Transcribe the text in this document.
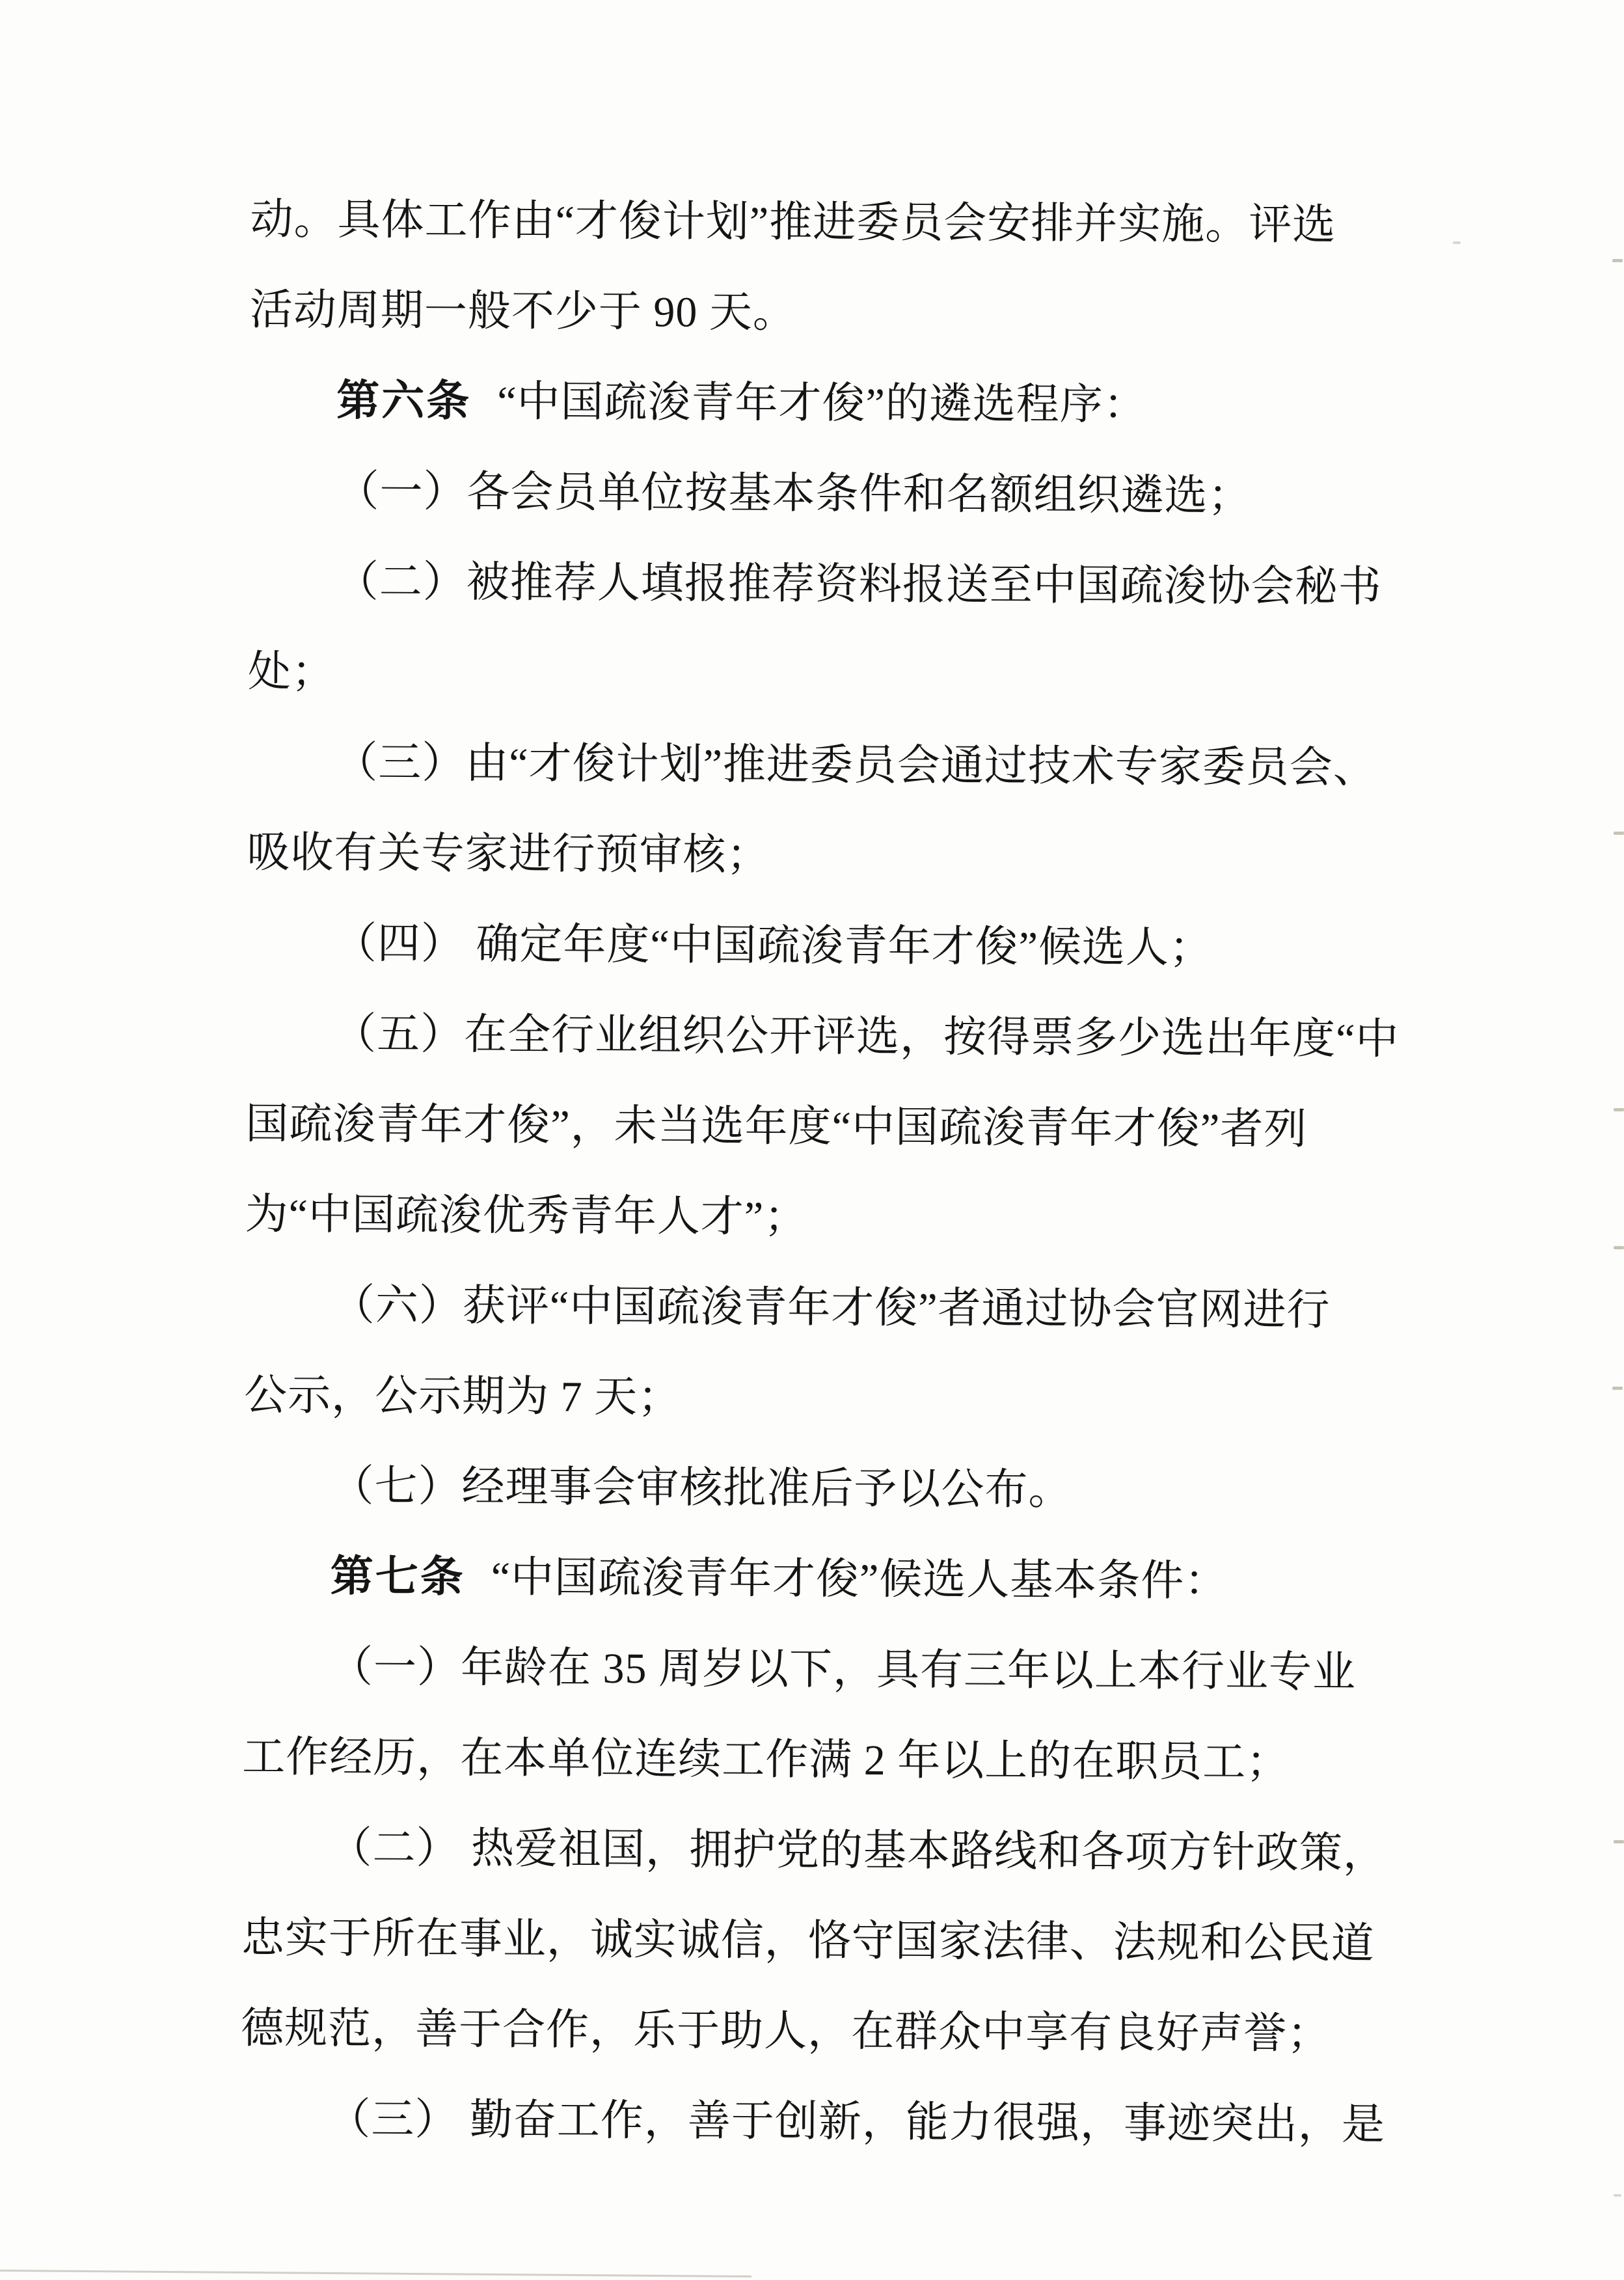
动。具体工作由“才俊计划”推进委员会安排并实施。评选
活动周期一般不少于 90 天。
第六条 “中国疏浚青年才俊”的遴选程序：
（一）各会员单位按基本条件和名额组织遴选；
（二）被推荐人填报推荐资料报送至中国疏浚协会秘书
处；
（三）由“才俊计划”推进委员会通过技术专家委员会、
吸收有关专家进行预审核；
（四） 确定年度“中国疏浚青年才俊”候选人；
（五）在全行业组织公开评选，按得票多少选出年度“中
国疏浚青年才俊”，未当选年度“中国疏浚青年才俊”者列
为“中国疏浚优秀青年人才”；
（六）获评“中国疏浚青年才俊”者通过协会官网进行
公示，公示期为 7 天；
（七）经理事会审核批准后予以公布。
第七条 “中国疏浚青年才俊”候选人基本条件：
（一）年龄在 35 周岁以下，具有三年以上本行业专业
工作经历，在本单位连续工作满 2 年以上的在职员工；
（二） 热爱祖国，拥护党的基本路线和各项方针政策，
忠实于所在事业，诚实诚信，恪守国家法律、法规和公民道
德规范，善于合作，乐于助人，在群众中享有良好声誉；
（三） 勤奋工作，善于创新，能力很强，事迹突出，是
